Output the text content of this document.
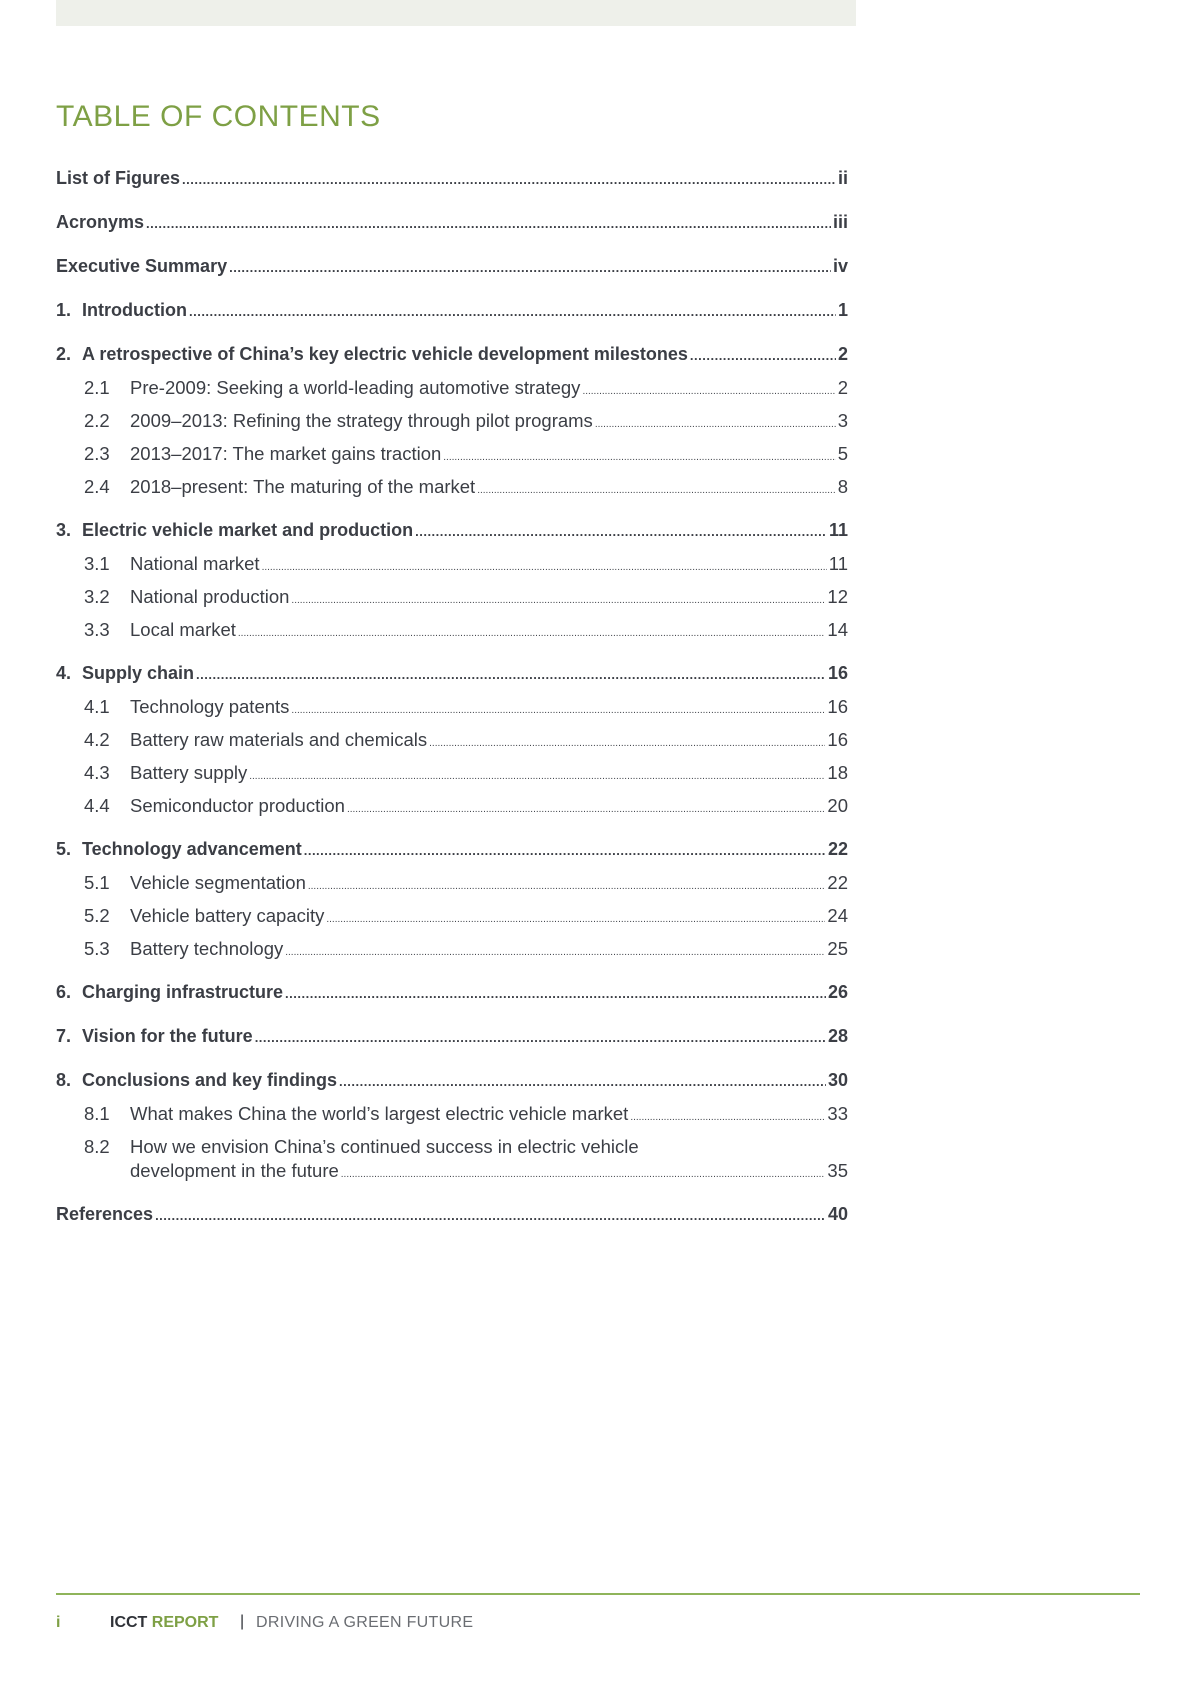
TABLE OF CONTENTS
List of Figures .....	ii
Acronyms .....	iii
Executive Summary .....	iv
1. Introduction .....	1
2. A retrospective of China’s key electric vehicle development milestones .....	2
2.1	Pre-2009: Seeking a world-leading automotive strategy .....	2
2.2	2009–2013: Refining the strategy through pilot programs .....	3
2.3	2013–2017: The market gains traction .....	5
2.4	2018–present: The maturing of the market .....	8
3. Electric vehicle market and production .....	11
3.1	National market .....	11
3.2	National production .....	12
3.3	Local market .....	14
4. Supply chain .....	16
4.1	Technology patents .....	16
4.2	Battery raw materials and chemicals .....	16
4.3	Battery supply .....	18
4.4	Semiconductor production .....	20
5. Technology advancement .....	22
5.1	Vehicle segmentation .....	22
5.2	Vehicle battery capacity .....	24
5.3	Battery technology .....	25
6. Charging infrastructure .....	26
7. Vision for the future .....	28
8. Conclusions and key findings .....	30
8.1	What makes China the world’s largest electric vehicle market .....	33
8.2	How we envision China’s continued success in electric vehicle
development in the future .....	35
References .....	40
i	ICCT REPORT | DRIVING A GREEN FUTURE
